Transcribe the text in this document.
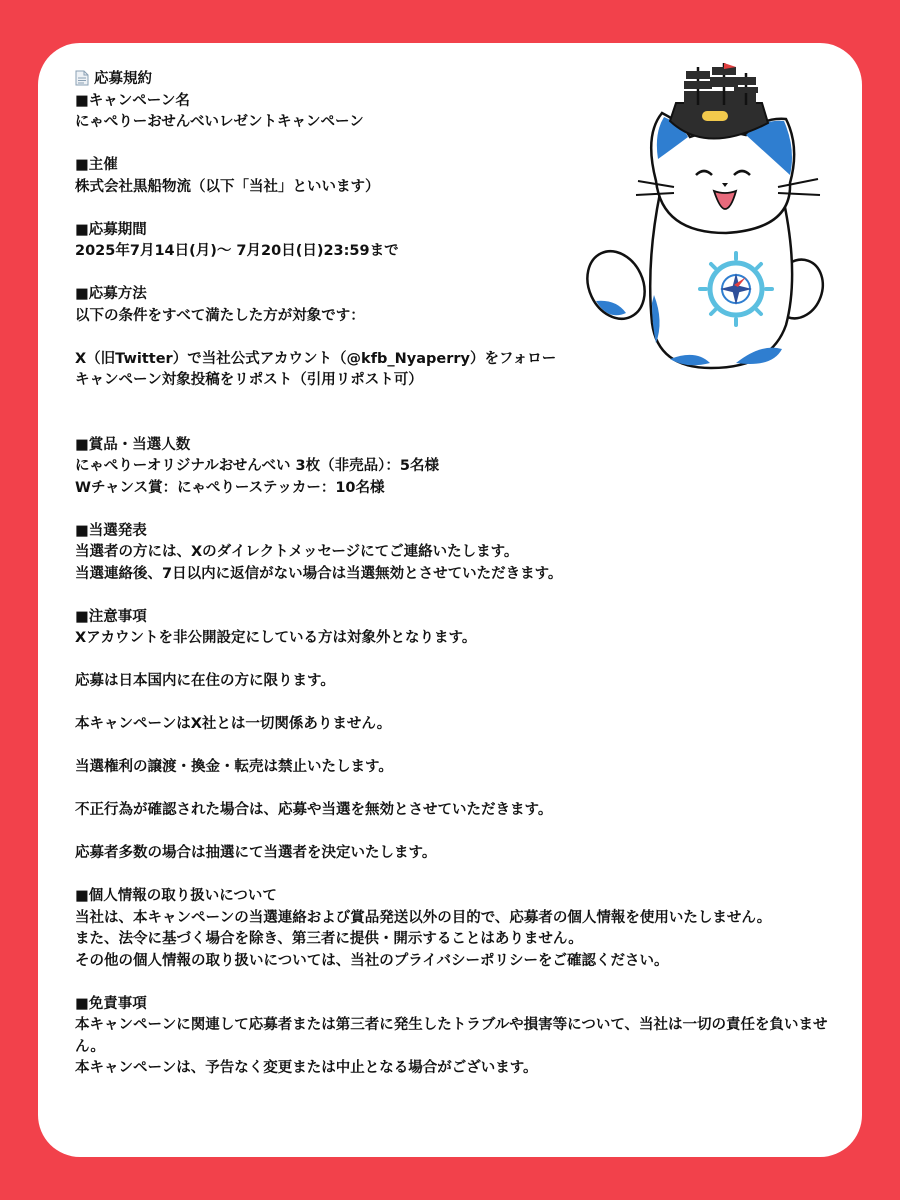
応募規約
■キャンペーン名
にゃぺりーおせんべいレゼントキャンペーン
■主催
株式会社黒船物流（以下「当社」といいます）
■応募期間
2025年7月14日(月)〜 7月20日(日)23:59まで
■応募方法
以下の条件をすべて満たした方が対象です：
X（旧Twitter）で当社公式アカウント（@kfb_Nyaperry）をフォロー
キャンペーン対象投稿をリポスト（引用リポスト可）
■賞品・当選人数
にゃぺりーオリジナルおせんべい 3枚（非売品）：5名様
Wチャンス賞：にゃぺりーステッカー：10名様
■当選発表
当選者の方には、Xのダイレクトメッセージにてご連絡いたします。
当選連絡後、7日以内に返信がない場合は当選無効とさせていただきます。
■注意事項
Xアカウントを非公開設定にしている方は対象外となります。
応募は日本国内に在住の方に限ります。
本キャンペーンはX社とは一切関係ありません。
当選権利の譲渡・換金・転売は禁止いたします。
不正行為が確認された場合は、応募や当選を無効とさせていただきます。
応募者多数の場合は抽選にて当選者を決定いたします。
■個人情報の取り扱いについて
当社は、本キャンペーンの当選連絡および賞品発送以外の目的で、応募者の個人情報を使用いたしません。
また、法令に基づく場合を除き、第三者に提供・開示することはありません。
その他の個人情報の取り扱いについては、当社のプライバシーポリシーをご確認ください。
■免責事項
本キャンペーンに関連して応募者または第三者に発生したトラブルや損害等について、当社は一切の責任を負いません。
本キャンペーンは、予告なく変更または中止となる場合がございます。
